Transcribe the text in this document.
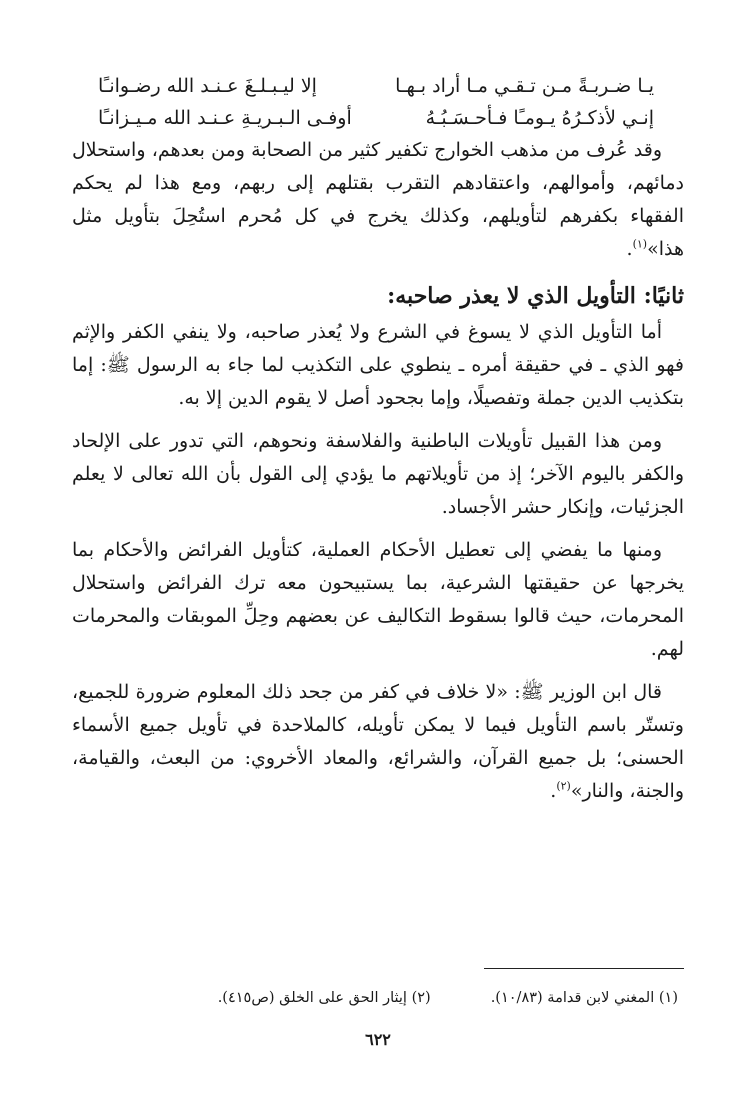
يـا ضـربـةً مـن تـقـي مـا أراد بـهـا
إلا ليـبـلـغَ عـنـد الله رضـوانـًا
إنـي لأذكـرُهُ يـومـًا فـأحـسَـبُـهُ
أوفـى الـبـريـةِ عـنـد الله مـيـزانـًا

وقد عُرف من مذهب الخوارج تكفير كثير من الصحابة ومن بعدهم، واستحلال دمائهم، وأموالهم، واعتقادهم التقرب بقتلهم إلى ربهم، ومع هذا لم يحكم الفقهاء بكفرهم لتأويلهم، وكذلك يخرج في كل مُحرم استُحِلَ بتأويل مثل هذا»$^{(١)}$.

ثانيًا: التأويل الذي لا يعذر صاحبه:

أما التأويل الذي لا يسوغ في الشرع ولا يُعذر صاحبه، ولا ينفي الكفر والإثم فهو الذي ـ في حقيقة أمره ـ ينطوي على التكذيب لما جاء به الرسول ﷺ: إما بتكذيب الدين جملة وتفصيلًا، وإما بجحود أصل لا يقوم الدين إلا به.

ومن هذا القبيل تأويلات الباطنية والفلاسفة ونحوهم، التي تدور على الإلحاد والكفر باليوم الآخر؛ إذ من تأويلاتهم ما يؤدي إلى القول بأن الله تعالى لا يعلم الجزئيات، وإنكار حشر الأجساد.

ومنها ما يفضي إلى تعطيل الأحكام العملية، كتأويل الفرائض والأحكام بما يخرجها عن حقيقتها الشرعية، بما يستبيحون معه ترك الفرائض واستحلال المحرمات، حيث قالوا بسقوط التكاليف عن بعضهم وحِلِّ الموبقات والمحرمات لهم.

قال ابن الوزير ﷺ: «لا خلاف في كفر من جحد ذلك المعلوم ضرورة للجميع، وتستّر باسم التأويل فيما لا يمكن تأويله، كالملاحدة في تأويل جميع الأسماء الحسنى؛ بل جميع القرآن، والشرائع، والمعاد الأخروي: من البعث، والقيامة، والجنة، والنار»$^{(٢)}$.

(١) المغني لابن قدامة (١٠/٨٣).
(٢) إيثار الحق على الخلق (ص٤١٥).
٦٢٢
